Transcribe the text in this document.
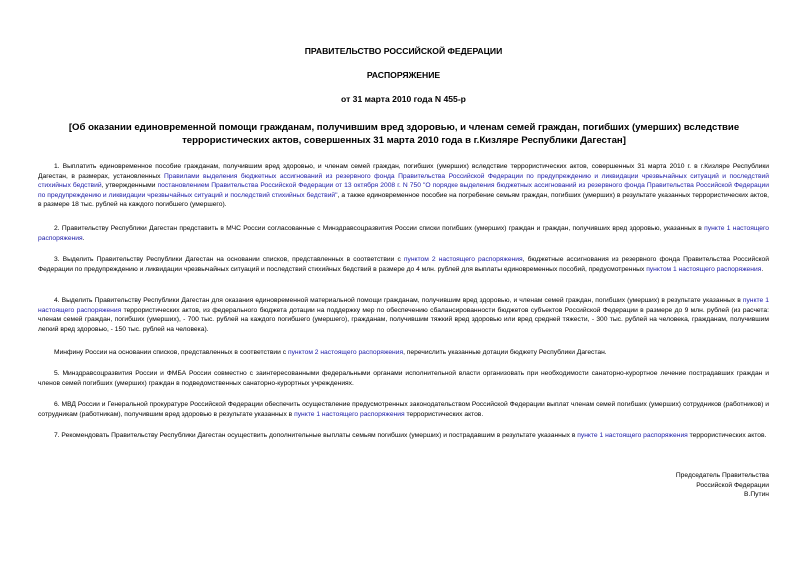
ПРАВИТЕЛЬСТВО РОССИЙСКОЙ ФЕДЕРАЦИИ
РАСПОРЯЖЕНИЕ
от 31 марта 2010 года N 455-р

[Об оказании единовременной помощи гражданам, получившим вред здоровью, и членам семей граждан, погибших (умерших) вследствие террористических актов, совершенных 31 марта 2010 года в г.Кизляре Республики Дагестан]

1. Выплатить единовременное пособие гражданам, получившим вред здоровью, и членам семей граждан, погибших (умерших) вследствие террористических актов, совершенных 31 марта 2010 г. в г.Кизляре Республики Дагестан, в размерах, установленных Правилами выделения бюджетных ассигнований из резервного фонда Правительства Российской Федерации по предупреждению и ликвидации чрезвычайных ситуаций и последствий стихийных бедствий, утвержденными постановлением Правительства Российской Федерации от 13 октября 2008 г. N 750 "О порядке выделения бюджетных ассигнований из резервного фонда Правительства Российской Федерации по предупреждению и ликвидации чрезвычайных ситуаций и последствий стихийных бедствий", а также единовременное пособие на погребение семьям граждан, погибших (умерших) в результате указанных террористических актов, в размере 18 тыс. рублей на каждого погибшего (умершего).

2. Правительству Республики Дагестан представить в МЧС России согласованные с Минздравсоцразвития России списки погибших (умерших) граждан и граждан, получивших вред здоровью, указанных в пункте 1 настоящего распоряжения.

3. Выделить Правительству Республики Дагестан на основании списков, представленных в соответствии с пунктом 2 настоящего распоряжения, бюджетные ассигнования из резервного фонда Правительства Российской Федерации по предупреждению и ликвидации чрезвычайных ситуаций и последствий стихийных бедствий в размере до 4 млн. рублей для выплаты единовременных пособий, предусмотренных пунктом 1 настоящего распоряжения.

4. Выделить Правительству Республики Дагестан для оказания единовременной материальной помощи гражданам, получившим вред здоровью, и членам семей граждан, погибших (умерших) в результате указанных в пункте 1 настоящего распоряжения террористических актов, из федерального бюджета дотации на поддержку мер по обеспечению сбалансированности бюджетов субъектов Российской Федерации в размере до 9 млн. рублей (из расчета: членам семей граждан, погибших (умерших), - 700 тыс. рублей на каждого погибшего (умершего), гражданам, получившим тяжкий вред здоровью или вред средней тяжести, - 300 тыс. рублей на человека, гражданам, получившим легкий вред здоровью, - 150 тыс. рублей на человека).

Минфину России на основании списков, представленных в соответствии с пунктом 2 настоящего распоряжения, перечислить указанные дотации бюджету Республики Дагестан.

5. Минздравсоцразвития России и ФМБА России совместно с заинтересованными федеральными органами исполнительной власти организовать при необходимости санаторно-курортное лечение пострадавших граждан и членов семей погибших (умерших) граждан в подведомственных санаторно-курортных учреждениях.

6. МВД России и Генеральной прокуратуре Российской Федерации обеспечить осуществление предусмотренных законодательством Российской Федерации выплат членам семей погибших (умерших) сотрудников (работников) и сотрудникам (работникам), получившим вред здоровью в результате указанных в пункте 1 настоящего распоряжения террористических актов.

7. Рекомендовать Правительству Республики Дагестан осуществить дополнительные выплаты семьям погибших (умерших) и пострадавшим в результате указанных в пункте 1 настоящего распоряжения террористических актов.

Председатель Правительства
Российской Федерации
В.Путин
